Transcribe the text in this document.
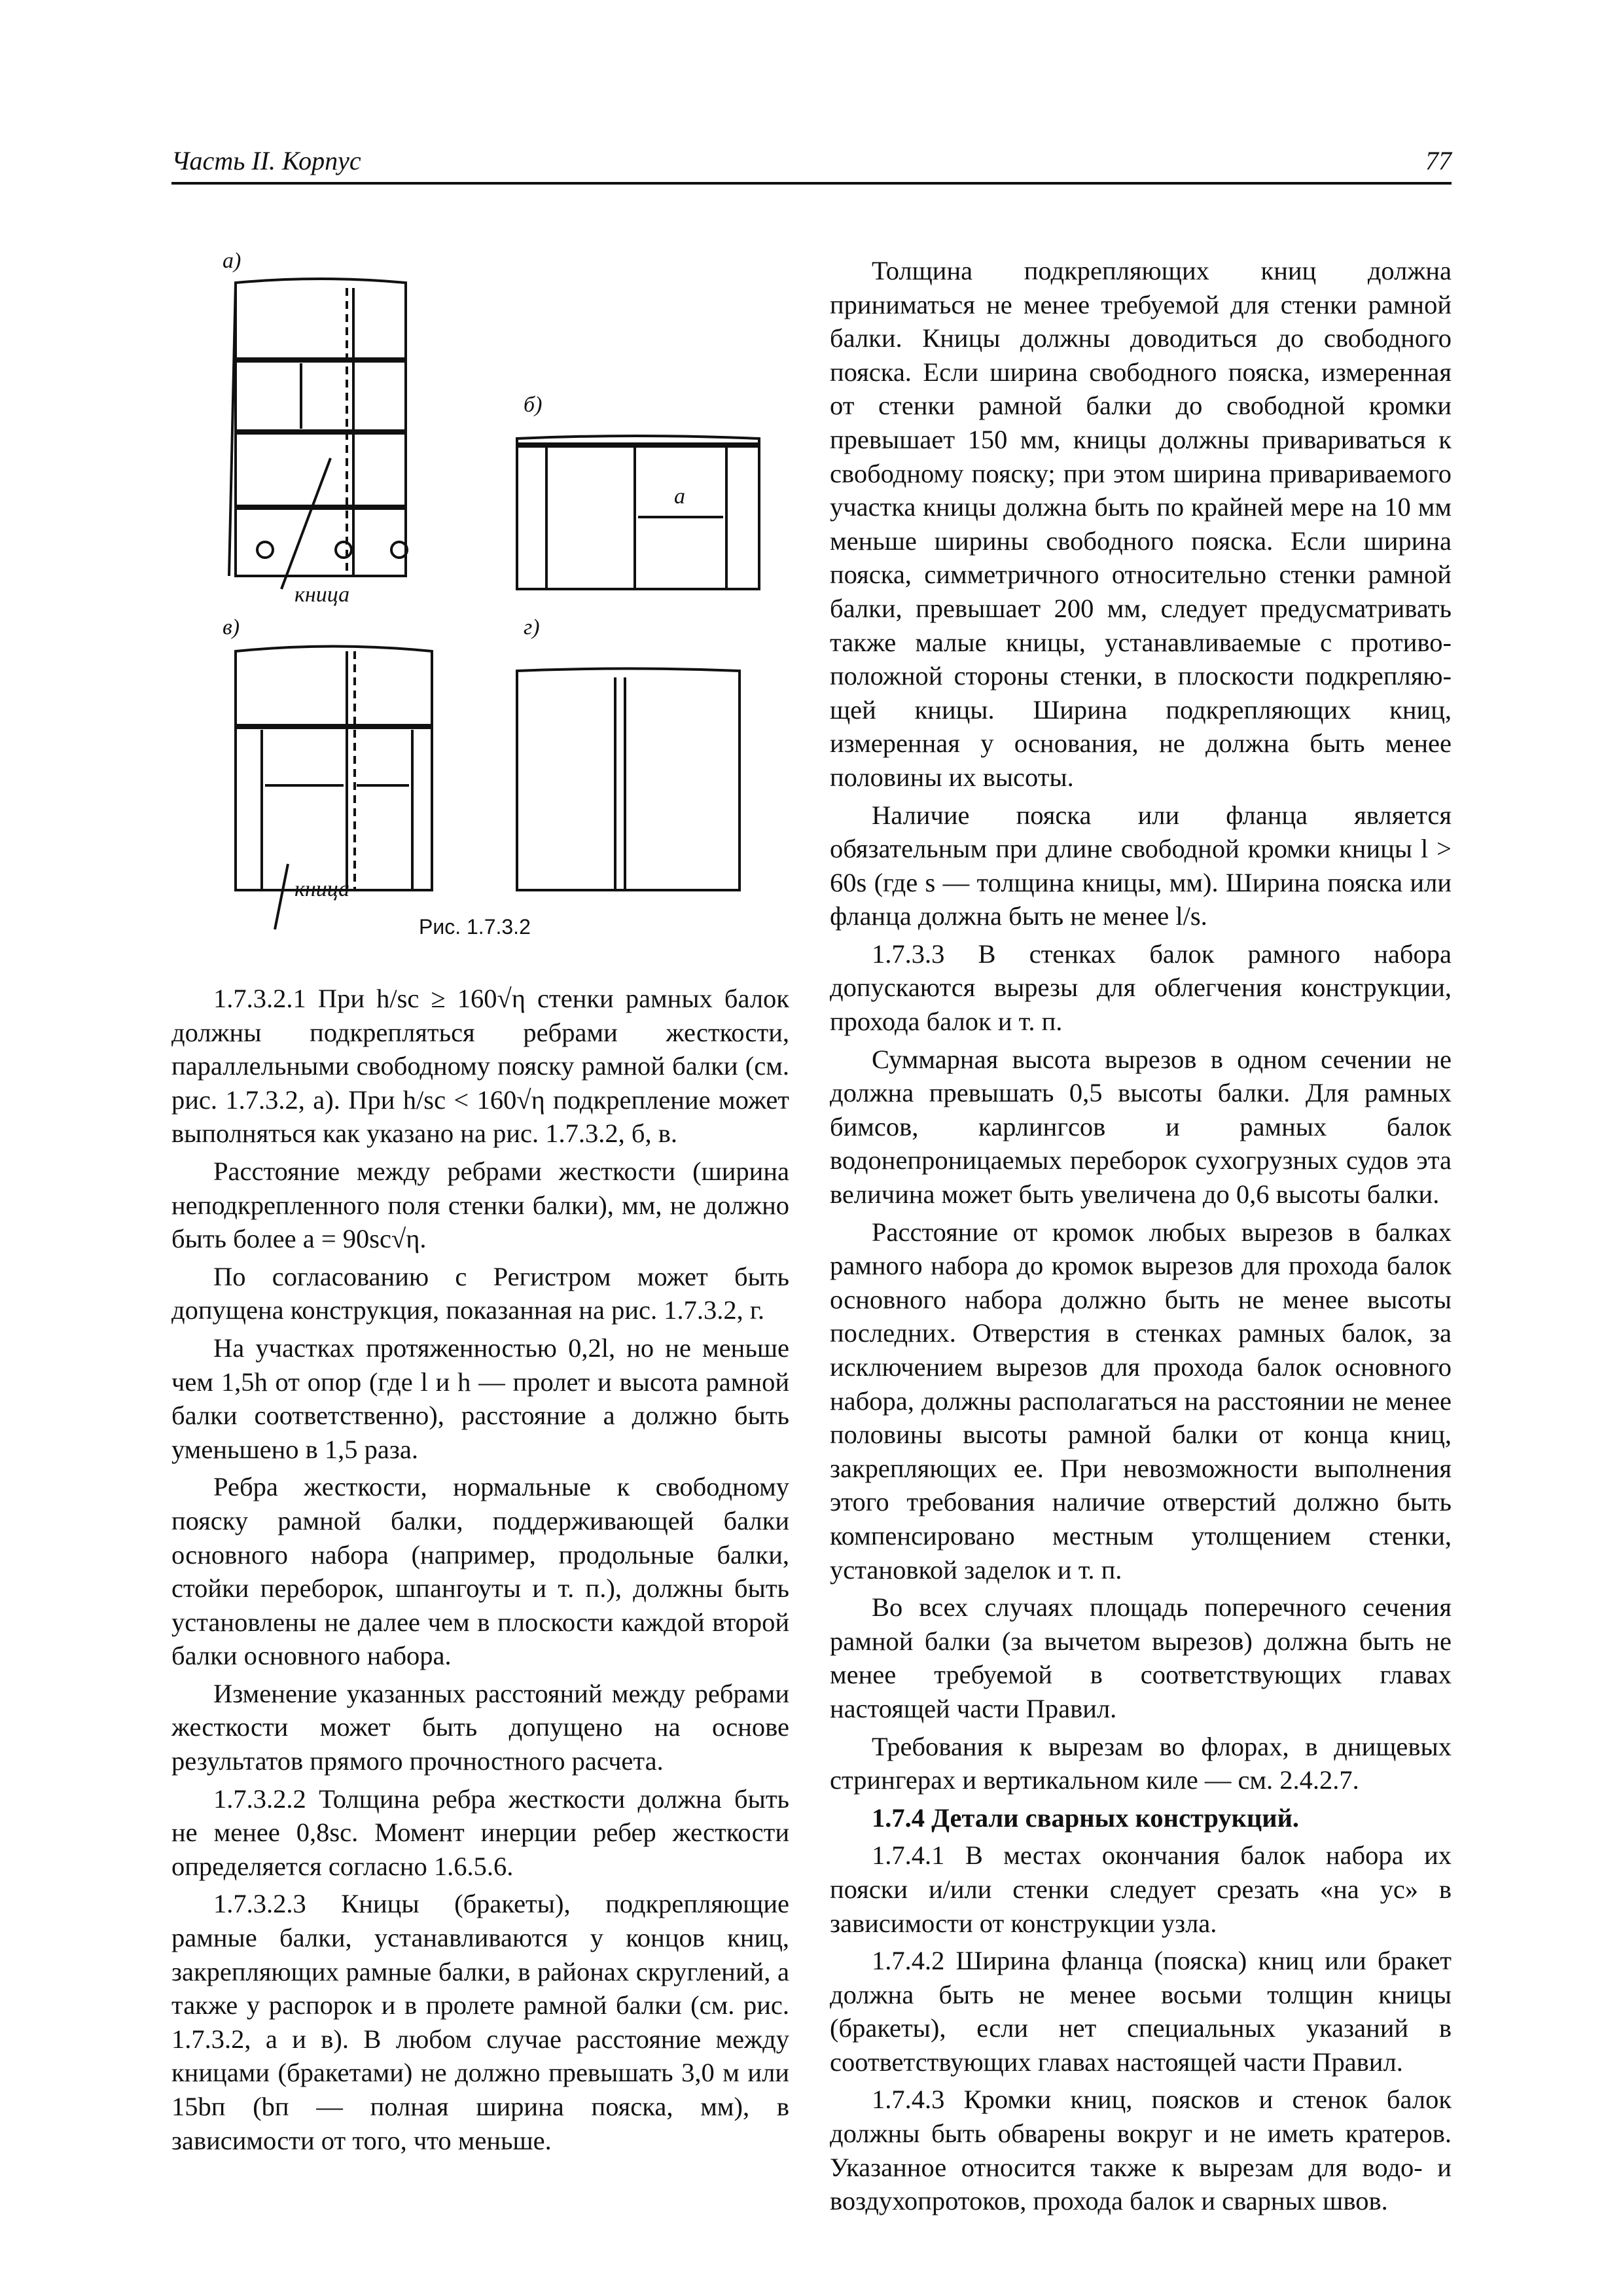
Часть II. Корпус	77
а)
б)
в)	г)
кница
кница
a
Рис. 1.7.3.2

1.7.3.2.1 При h/sc ≥ 160√η стенки рамных балок должны подкрепляться ребрами жесткости, параллельными свободному пояску рамной балки (см. рис. 1.7.3.2, а). При h/sc < 160√η подкрепление может выполняться как указано на рис. 1.7.3.2, б, в.

Расстояние между ребрами жесткости (ширина неподкрепленного поля стенки балки), мм, не должно быть более a = 90sc√η.

По согласованию с Регистром может быть допущена конструкция, показанная на рис. 1.7.3.2, г.

На участках протяженностью 0,2l, но не меньше чем 1,5h от опор (где l и h — пролет и высота рамной балки соответственно), расстояние a должно быть уменьшено в 1,5 раза.

Ребра жесткости, нормальные к свободному пояску рамной балки, поддерживающей балки основного набора (например, продольные балки, стойки переборок, шпангоуты и т. п.), должны быть установлены не далее чем в плоскости каждой второй балки основного набора.

Изменение указанных расстояний между ребрами жесткости может быть допущено на основе результатов прямого прочностного расчета.

1.7.3.2.2 Толщина ребра жесткости должна быть не менее 0,8sc. Момент инерции ребер жесткости определяется согласно 1.6.5.6.

1.7.3.2.3 Кницы (бракеты), подкрепляющие рамные балки, устанавливаются у концов книц, закрепляющих рамные балки, в районах скруглений, а также у распорок и в пролете рамной балки (см. рис. 1.7.3.2, а и в). В любом случае расстояние между кницами (бракетами) не должно превышать 3,0 м или 15bп (bп — полная ширина пояска, мм), в зависимости от того, что меньше.

Толщина подкрепляющих книц должна приниматься не менее требуемой для стенки рамной балки. Кницы должны доводиться до свободного пояска. Если ширина свободного пояска, измеренная от стенки рамной балки до свободной кромки превышает 150 мм, кницы должны привариваться к свободному пояску; при этом ширина привариваемого участка кницы должна быть по крайней мере на 10 мм меньше ширины свободного пояска. Если ширина пояска, симметричного относительно стенки рамной балки, превышает 200 мм, следует предусматривать также малые кницы, устанавливаемые с противо-положной стороны стенки, в плоскости подкрепляю-щей кницы. Ширина подкрепляющих книц, измеренная у основания, не должна быть менее половины их высоты.

Наличие пояска или фланца является обязательным при длине свободной кромки кницы l > 60s (где s — толщина кницы, мм). Ширина пояска или фланца должна быть не менее l/s.

1.7.3.3 В стенках балок рамного набора допускаются вырезы для облегчения конструкции, прохода балок и т. п.

Суммарная высота вырезов в одном сечении не должна превышать 0,5 высоты балки. Для рамных бимсов, карлингсов и рамных балок водонепроницаемых переборок сухогрузных судов эта величина может быть увеличена до 0,6 высоты балки.

Расстояние от кромок любых вырезов в балках рамного набора до кромок вырезов для прохода балок основного набора должно быть не менее высоты последних. Отверстия в стенках рамных балок, за исключением вырезов для прохода балок основного набора, должны располагаться на расстоянии не менее половины высоты рамной балки от конца книц, закрепляющих ее. При невозможности выполнения этого требования наличие отверстий должно быть компенсировано местным утолщением стенки, установкой заделок и т. п.

Во всех случаях площадь поперечного сечения рамной балки (за вычетом вырезов) должна быть не менее требуемой в соответствующих главах настоящей части Правил.

Требования к вырезам во флорах, в днищевых стрингерах и вертикальном киле — см. 2.4.2.7.

1.7.4 Детали сварных конструкций.

1.7.4.1 В местах окончания балок набора их пояски и/или стенки следует срезать «на ус» в зависимости от конструкции узла.

1.7.4.2 Ширина фланца (пояска) книц или бракет должна быть не менее восьми толщин кницы (бракеты), если нет специальных указаний в соответствующих главах настоящей части Правил.

1.7.4.3 Кромки книц, поясков и стенок балок должны быть обварены вокруг и не иметь кратеров. Указанное относится также к вырезам для водо- и воздухопротоков, прохода балок и сварных швов.
